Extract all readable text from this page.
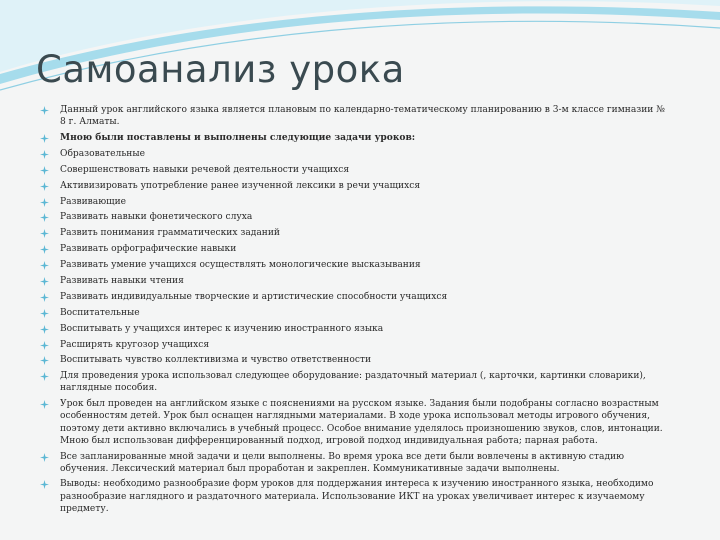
Самоанализ урока
Данный урок английского языка является плановым по календарно-тематическому планированию в 3-м классе гимназии № 8 г. Алматы.
Мною были поставлены и выполнены следующие задачи уроков:
Образовательные
Совершенствовать навыки речевой деятельности учащихся
Активизировать употребление ранее изученной лексики в речи учащихся
Развивающие
Развивать навыки фонетического слуха
Развить понимания грамматических заданий
Развивать орфографические навыки
Развивать умение учащихся осуществлять монологические высказывания
Развивать навыки чтения
Развивать индивидуальные творческие и артистические способности учащихся
Воспитательные
Воспитывать у учащихся интерес к изучению иностранного языка
Расширять кругозор учащихся
Воспитывать чувство коллективизма и чувство ответственности
Для проведения урока использовал следующее оборудование: раздаточный материал (, карточки, картинки словарики), наглядные пособия.
Урок был проведен на английском языке с пояснениями на русском языке. Задания были подобраны согласно возрастным особенностям детей. Урок был оснащен наглядными материалами. В ходе урока использовал методы игрового обучения, поэтому дети активно включались в учебный процесс. Особое внимание уделялось произношению звуков, слов, интонации. Мною был использован дифференцированный подход, игровой подход индивидуальная работа; парная работа.
Все запланированные мной задачи и цели выполнены. Во время урока все дети были вовлечены в активную стадию обучения. Лексический материал был проработан и закреплен. Коммуникативные задачи выполнены.
Выводы: необходимо разнообразие форм уроков для поддержания интереса к изучению иностранного языка, необходимо разнообразие наглядного и раздаточного материала. Использование ИКТ на уроках увеличивает интерес к изучаемому предмету.
